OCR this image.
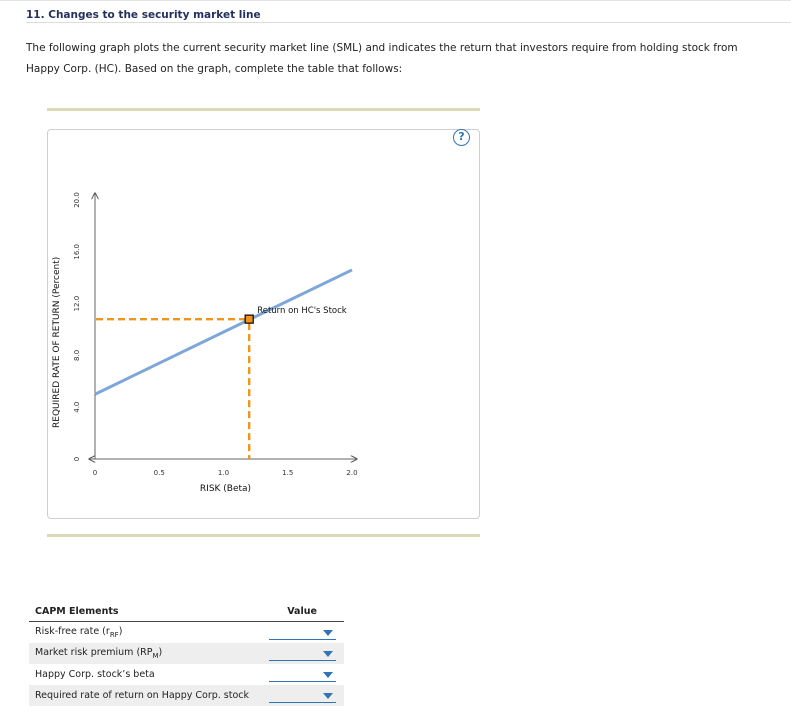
11. Changes to the security market line
The following graph plots the current security market line (SML) and indicates the return that investors require from holding stock from Happy Corp. (HC). Based on the graph, complete the table that follows:
?
0
4.0
8.0
12.0
16.0
20.0
0	0.5	1.0	1.5	2.0
RISK (Beta)
Return on HC's Stock
REQUIRED RATE OF RETURN (Percent)
CAPM Elements	Value
Risk-free rate $(r_{RF})$	

Market risk premium $(RP_M)$	

Happy Corp. stock’s beta	

Required rate of return on Happy Corp. stock	
